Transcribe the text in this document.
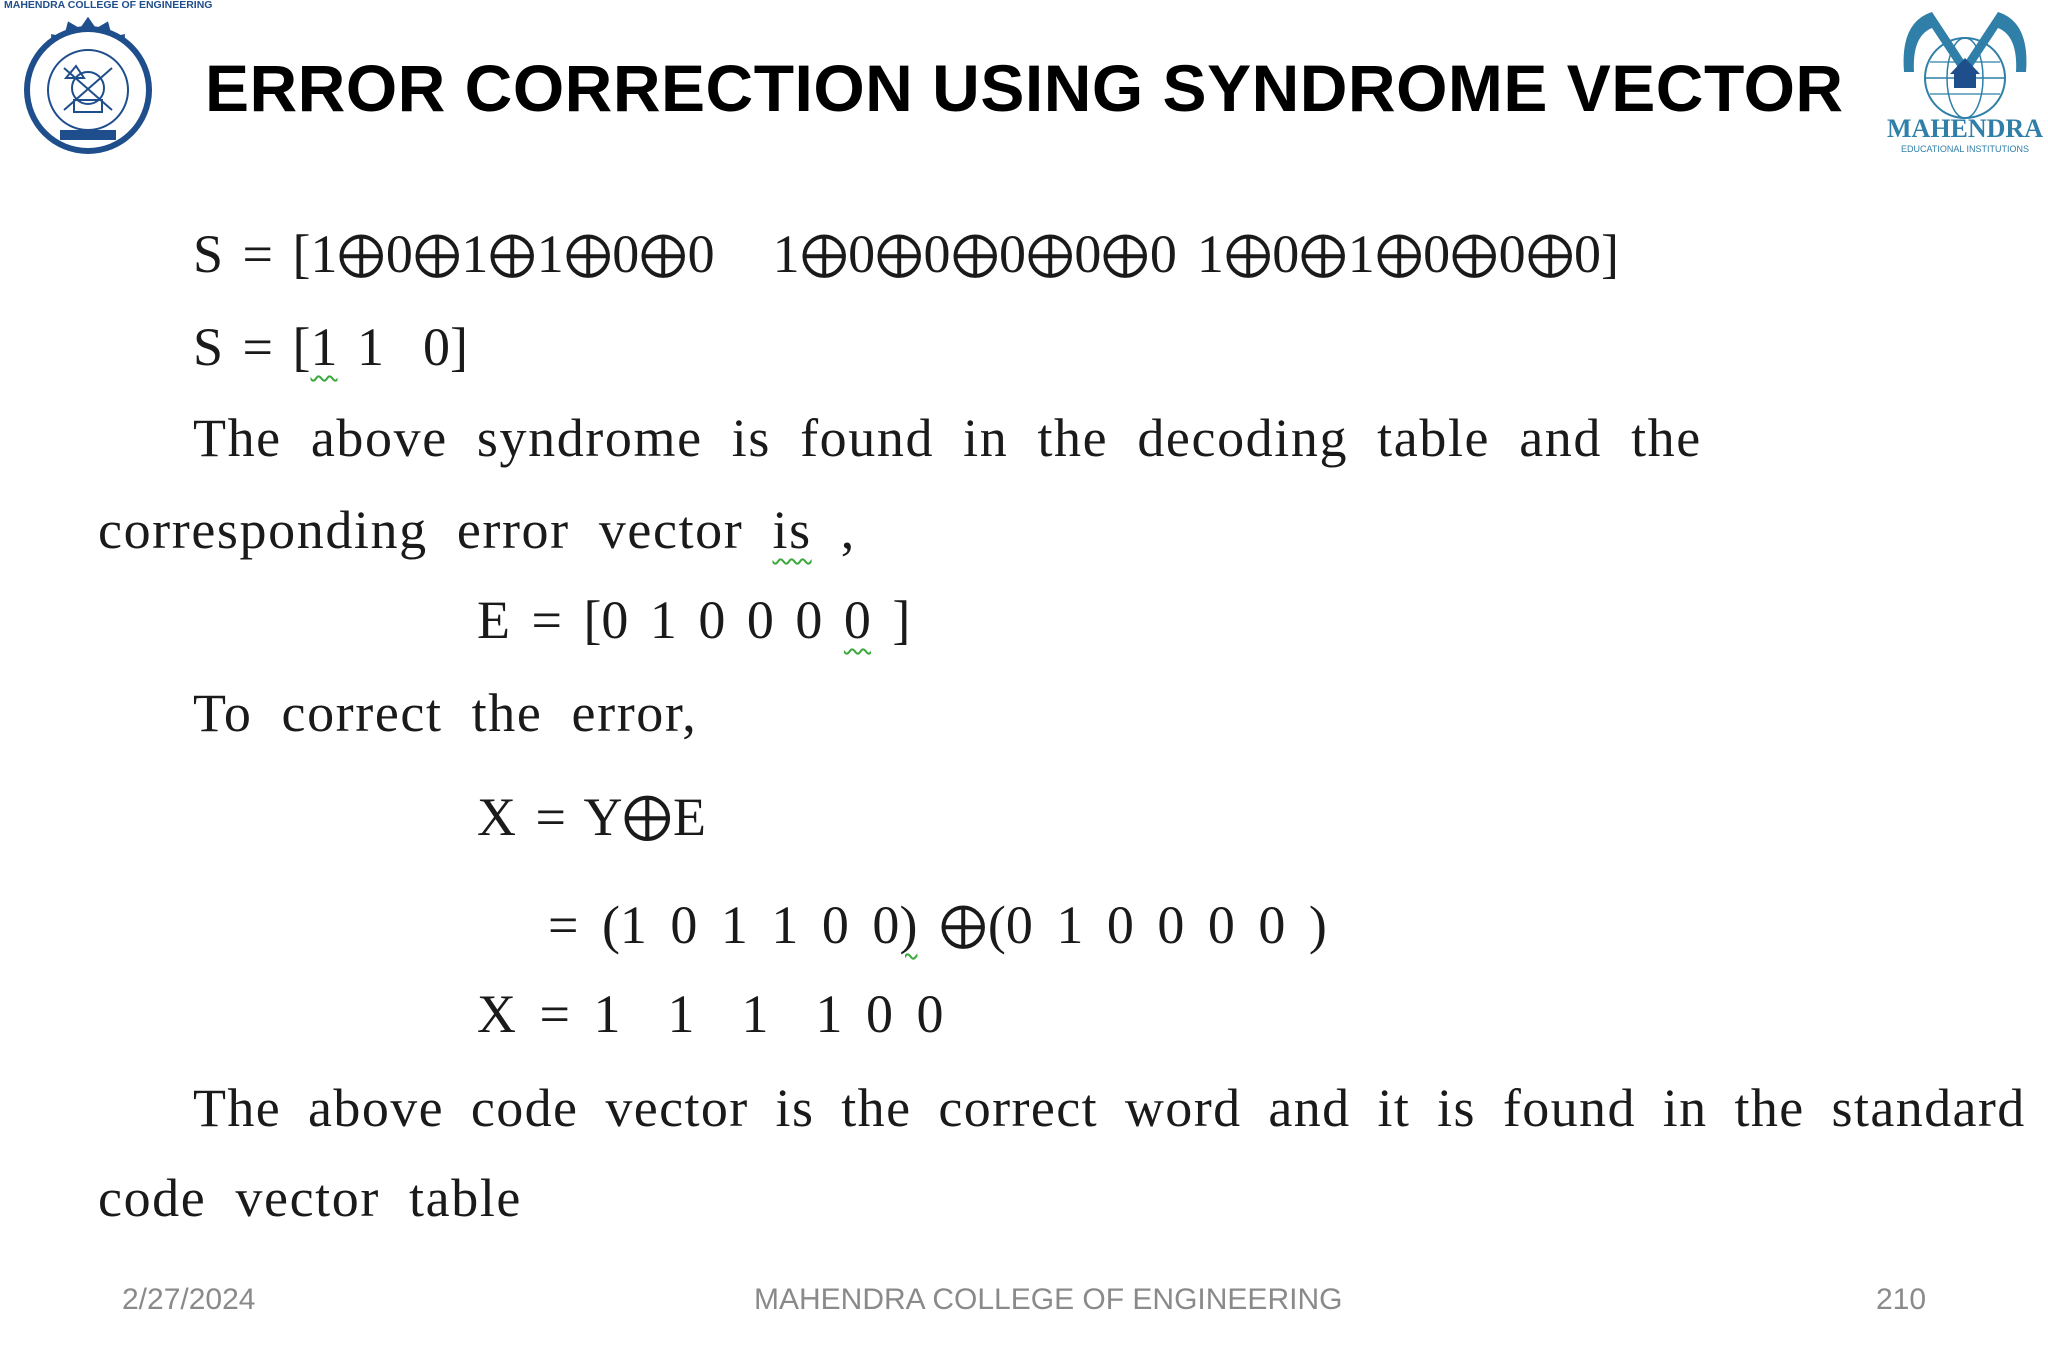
MAHENDRA COLLEGE OF ENGINEERING
MAHENDRA
EDUCATIONAL INSTITUTIONS
ERROR CORRECTION USING SYNDROME VECTOR
S = [1 0 1 1 0 0 1 0 0 0 0 0 1 0 1 0 0 0]
S = [1 1  0]
The above syndrome is found in the decoding table and the
corresponding error vector is ,
E = [0 1 0 0 0 0 ]
To correct the error,
X = Y E
= (1 0 1 1 0 0) (0 1 0 0 0 0 )
X = 1  1  1  1 0 0
The above code vector is the correct word and it is found in the standard
code vector table
2/27/2024	MAHENDRA COLLEGE OF ENGINEERING	210
